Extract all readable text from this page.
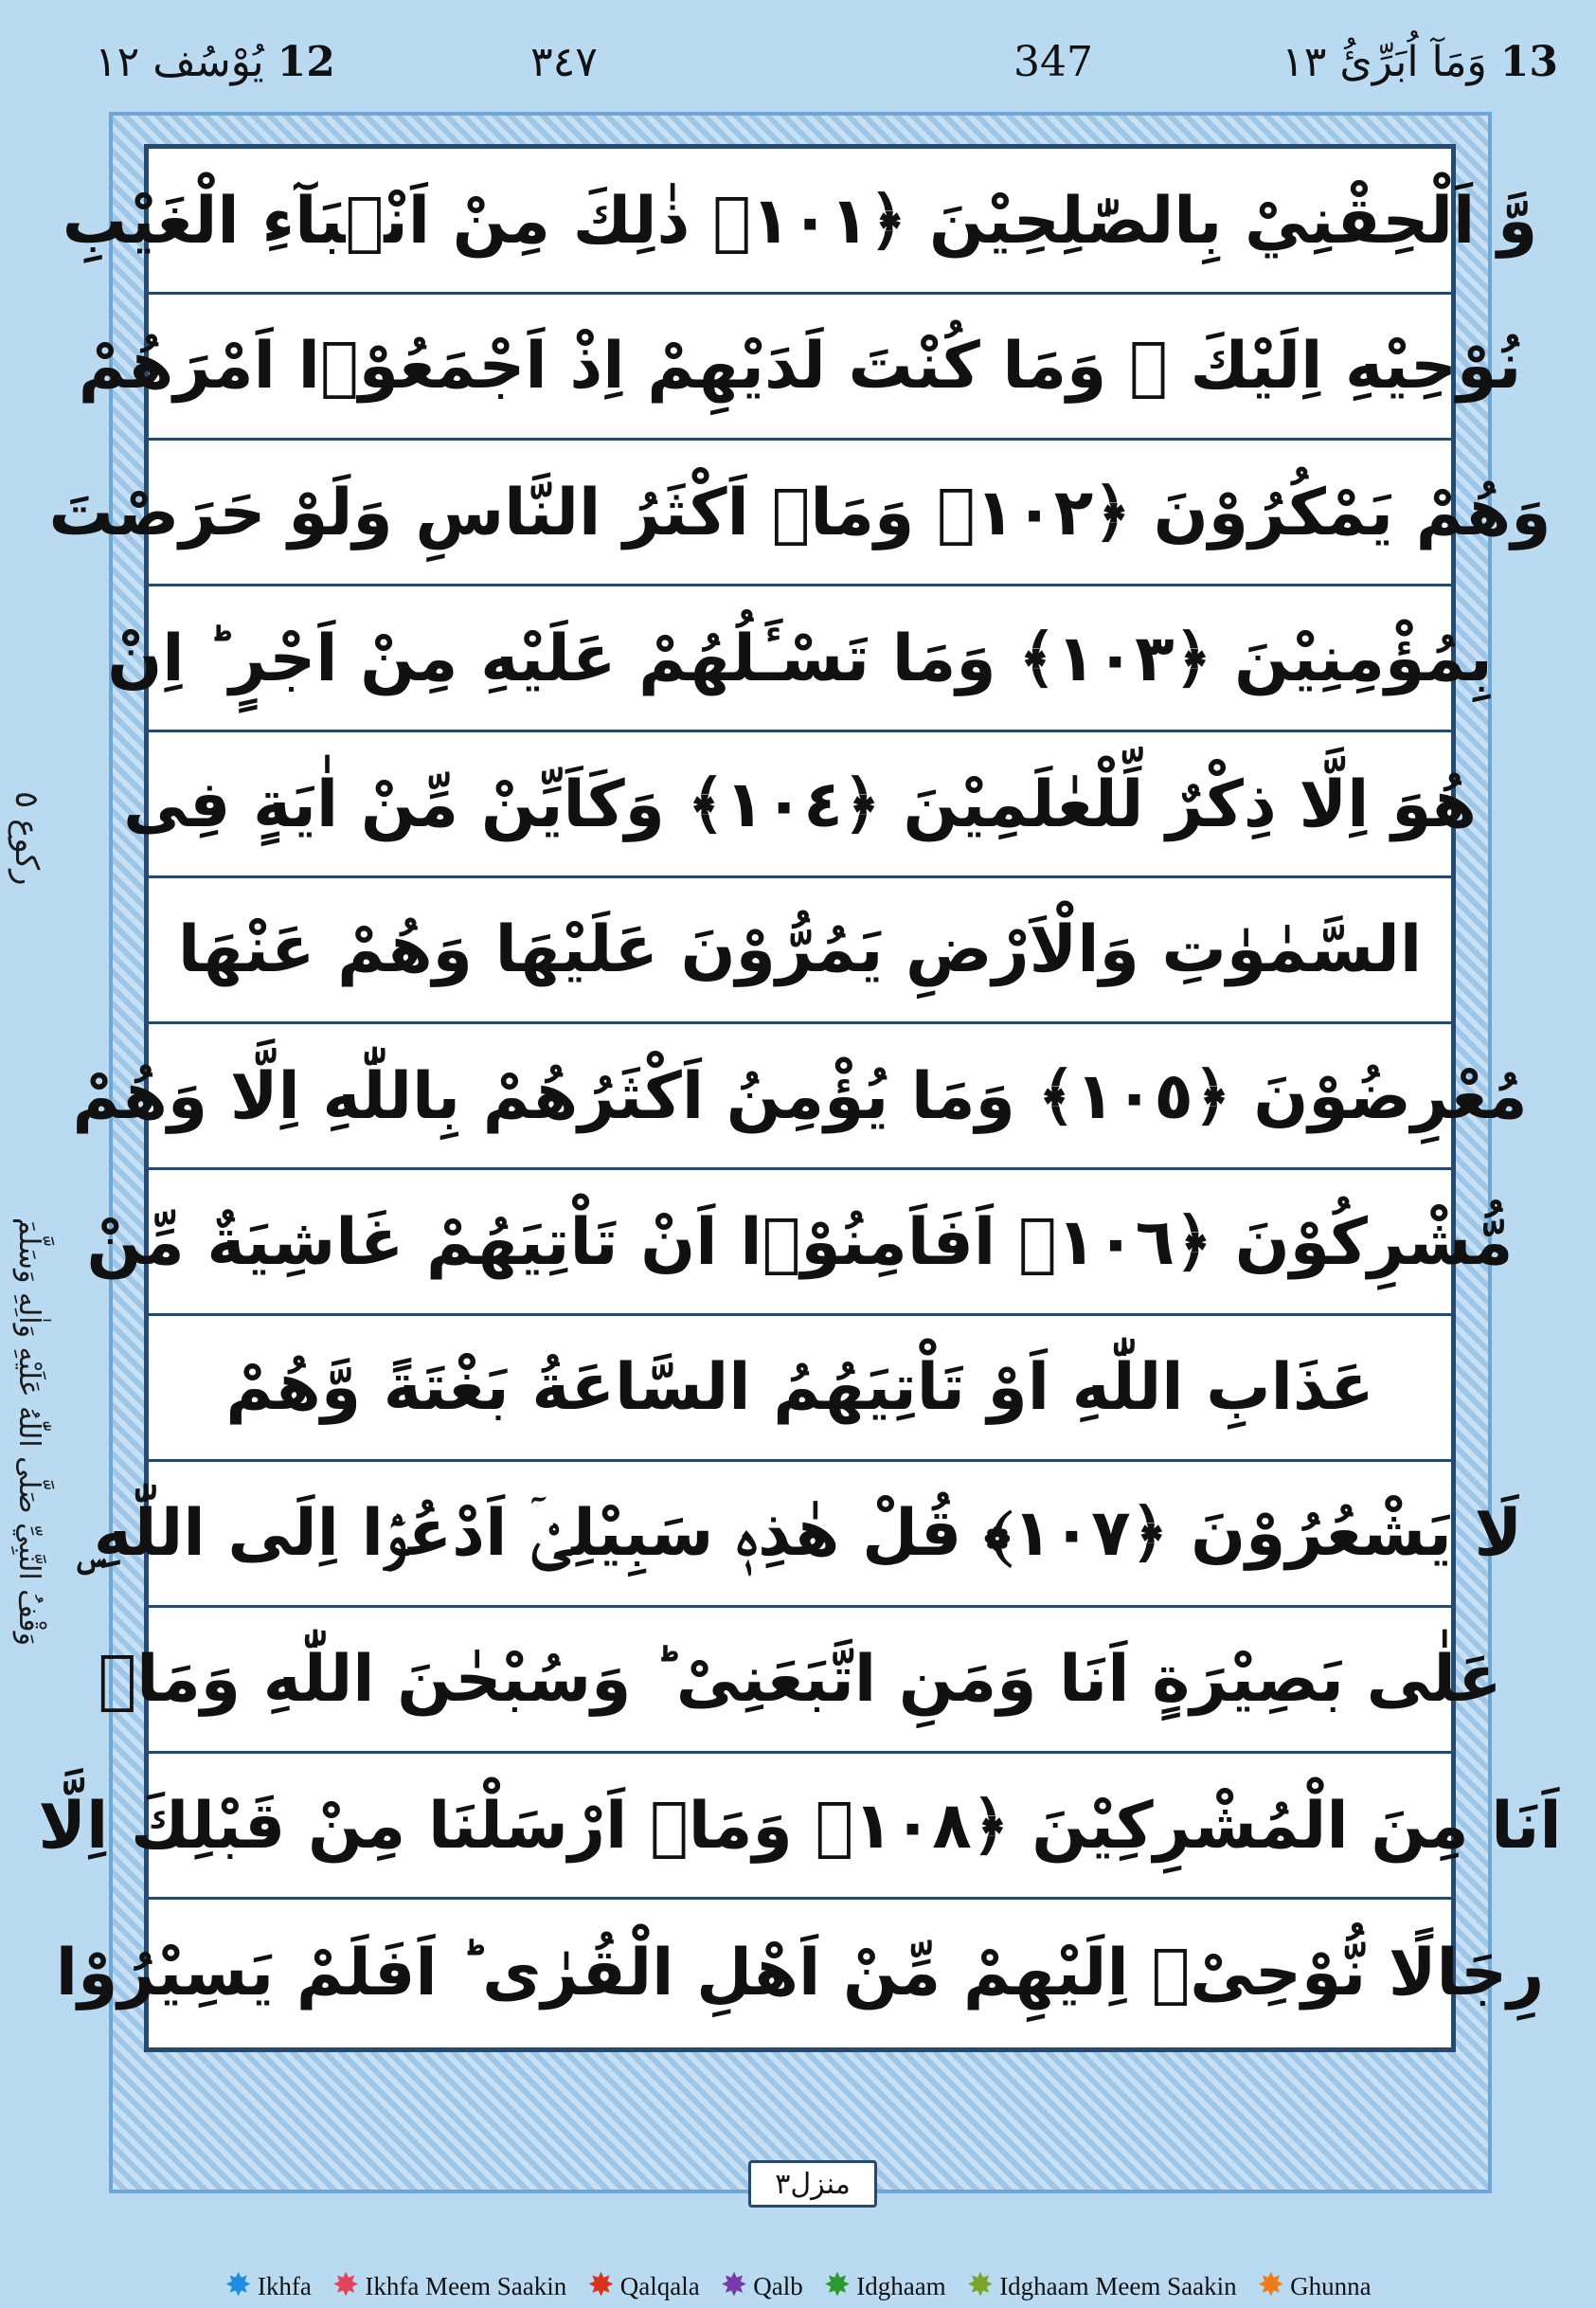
13 وَمَآ اُبَرِّئُ ١٣
347
٣٤٧
12 يُوْسُف ١٢
ركوع ٥
وَقْفُ النَّبِيِّ صَلَّى اللّٰهُ عَلَيْهِ وَاٰلِهِ وَسَلَّمَ
وَّ اَلْحِقْنِيْ بِالصّٰلِحِيْنَ ﴿١٠١﴾ ذٰلِكَ مِنْ اَنْۢبَآءِ الْغَيْبِ
نُوْحِيْهِ اِلَيْكَ ۚ وَمَا كُنْتَ لَدَيْهِمْ اِذْ اَجْمَعُوْۤا اَمْرَهُمْ
وَهُمْ يَمْكُرُوْنَ ﴿١٠٢﴾ وَمَاۤ اَكْثَرُ النَّاسِ وَلَوْ حَرَصْتَ
بِمُؤْمِنِيْنَ ﴿١٠٣﴾ وَمَا تَسْـَٔلُهُمْ عَلَيْهِ مِنْ اَجْرٍ ؕ اِنْ
هُوَ اِلَّا ذِكْرٌ لِّلْعٰلَمِيْنَ ﴿١٠٤﴾ وَكَاَيِّنْ مِّنْ اٰيَةٍ فِى
السَّمٰوٰتِ وَالْاَرْضِ يَمُرُّوْنَ عَلَيْهَا وَهُمْ عَنْهَا
مُعْرِضُوْنَ ﴿١٠٥﴾ وَمَا يُؤْمِنُ اَكْثَرُهُمْ بِاللّٰهِ اِلَّا وَهُمْ
مُّشْرِكُوْنَ ﴿١٠٦﴾ اَفَاَمِنُوْۤا اَنْ تَاْتِيَهُمْ غَاشِيَةٌ مِّنْ
عَذَابِ اللّٰهِ اَوْ تَاْتِيَهُمُ السَّاعَةُ بَغْتَةً وَّهُمْ
لَا يَشْعُرُوْنَ ﴿١٠٧﴾ قُلْ هٰذِهٖ سَبِيْلِىْۤ اَدْعُوْۤا اِلَى اللّٰهِ ۣ
عَلٰى بَصِيْرَةٍ اَنَا وَمَنِ اتَّبَعَنِىْ ؕ وَسُبْحٰنَ اللّٰهِ وَمَاۤ
اَنَا مِنَ الْمُشْرِكِيْنَ ﴿١٠٨﴾ وَمَاۤ اَرْسَلْنَا مِنْ قَبْلِكَ اِلَّا
رِجَالًا نُّوْحِىْۤ اِلَيْهِمْ مِّنْ اَهْلِ الْقُرٰى ؕ اَفَلَمْ يَسِيْرُوْا
منزل٣
✸ Ikhfa ✸ Ikhfa Meem Saakin ✸ Qalqala ✸ Qalb ✸ Idghaam ✸ Idghaam Meem Saakin ✸ Ghunna
